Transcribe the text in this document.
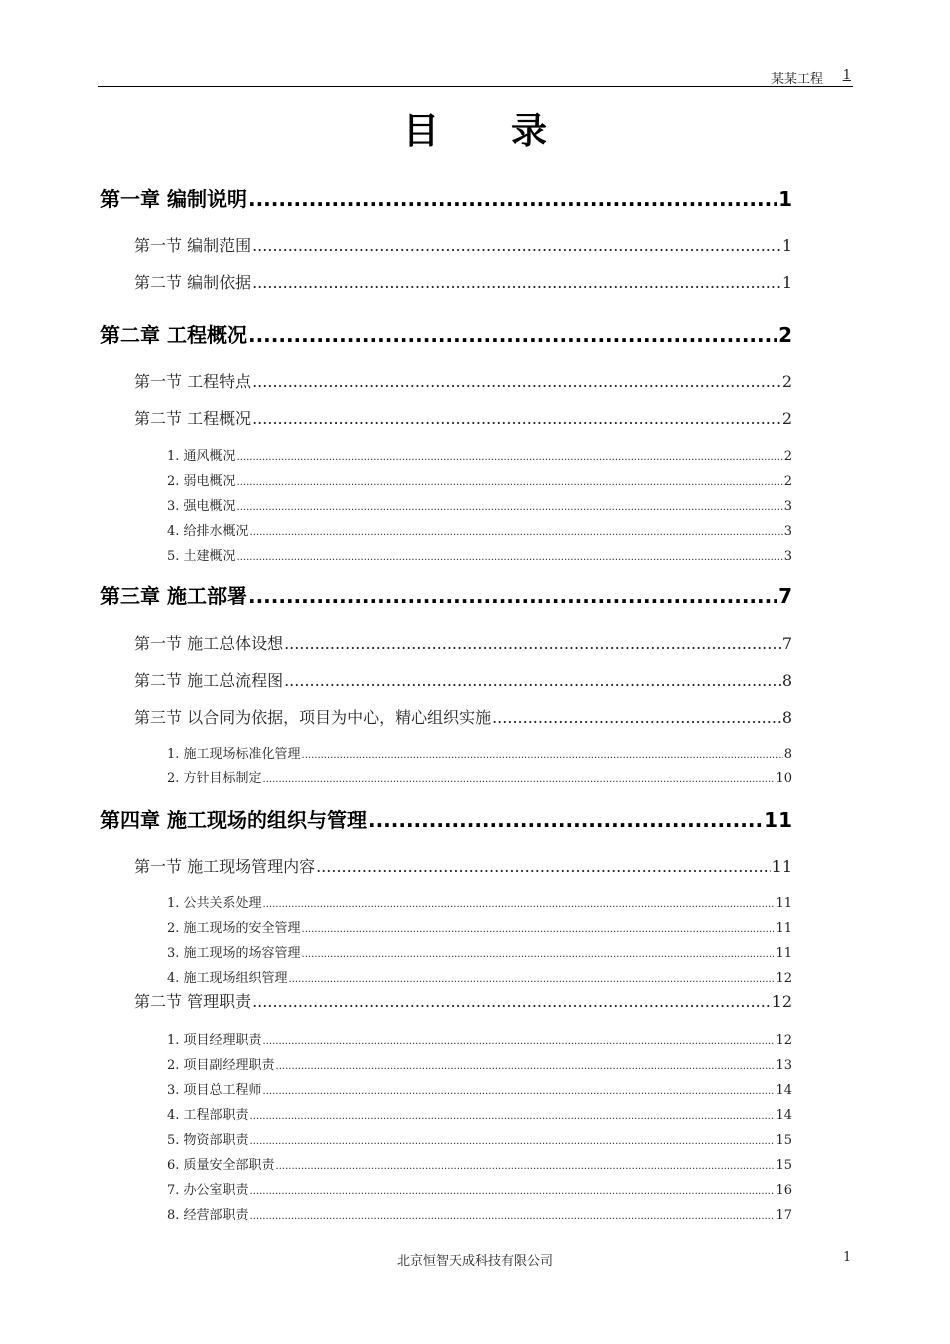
某某工程 1
目录
第一章 编制说明 .....	1
第一节 编制范围 .....	1
第二节 编制依据 .....	1
第二章 工程概况 .....	2
第一节 工程特点 .....	2
第二节 工程概况 .....	2
1. 通风概况 .....	2
2. 弱电概况 .....	2
3. 强电概况 .....	3
4. 给排水概况 .....	3
5. 土建概况 .....	3
第三章 施工部署 .....	7
第一节 施工总体设想 .....	7
第二节 施工总流程图 .....	8
第三节 以合同为依据，项目为中心，精心组织实施 .....	8
1. 施工现场标准化管理 .....	8
2. 方针目标制定 .....	10
第四章 施工现场的组织与管理 .....	11
第一节 施工现场管理内容 .....	11
1. 公共关系处理 .....	11
2. 施工现场的安全管理 .....	11
3. 施工现场的场容管理 .....	11
4. 施工现场组织管理 .....	12
第二节 管理职责 .....	12
1. 项目经理职责 .....	12
2. 项目副经理职责 .....	13
3. 项目总工程师 .....	14
4. 工程部职责 .....	14
5. 物资部职责 .....	15
6. 质量安全部职责 .....	15
7. 办公室职责 .....	16
8. 经营部职责 .....	17
北京恒智天成科技有限公司	1
